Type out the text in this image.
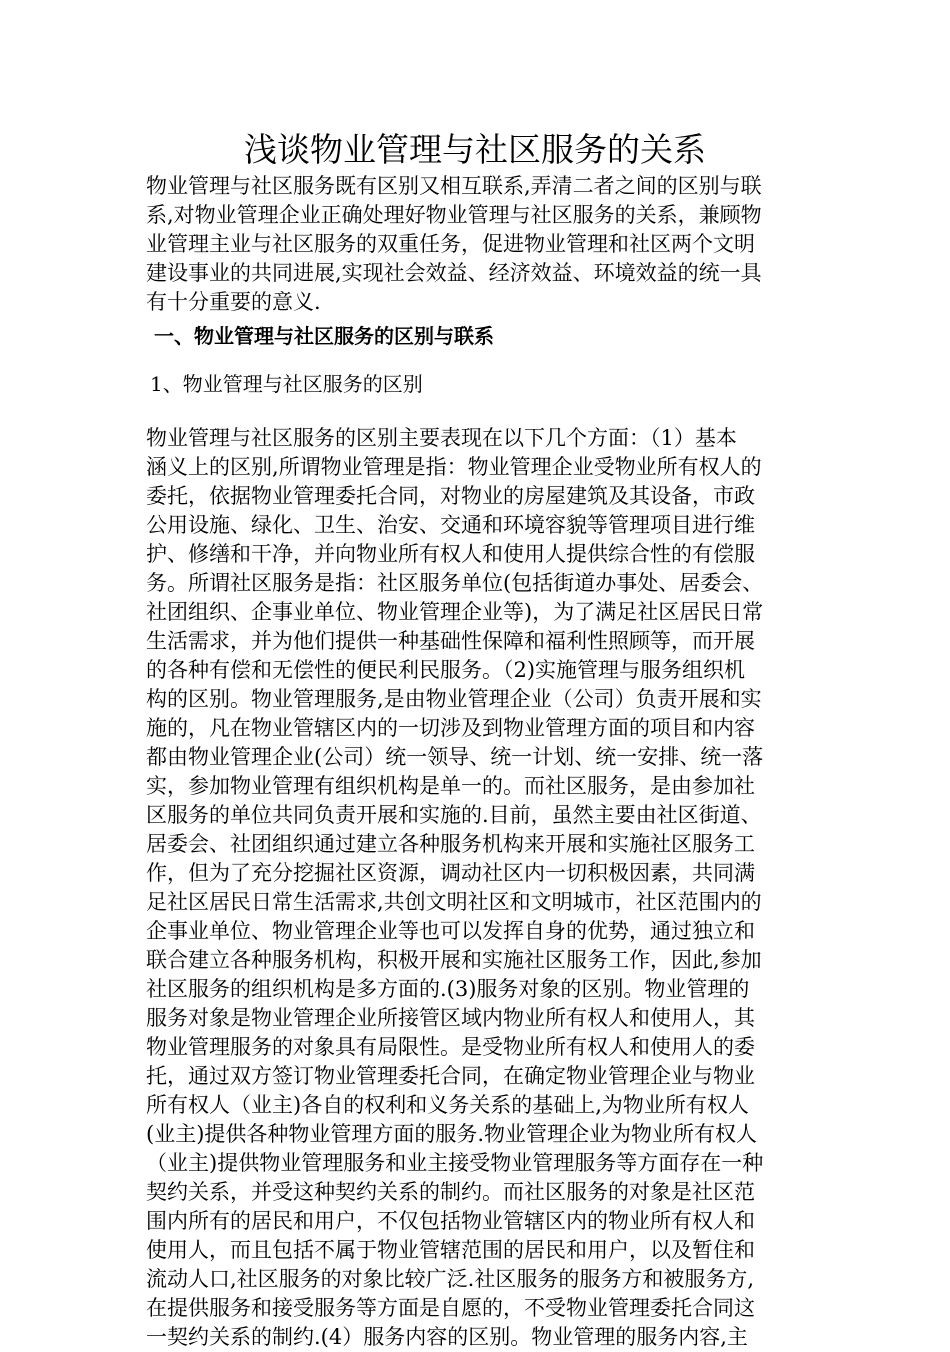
浅谈物业管理与社区服务的关系
物业管理与社区服务既有区别又相互联系,弄清二者之间的区别与联
系,对物业管理企业正确处理好物业管理与社区服务的关系，兼顾物
业管理主业与社区服务的双重任务，促进物业管理和社区两个文明
建设事业的共同进展,实现社会效益、经济效益、环境效益的统一具
有十分重要的意义.
一、物业管理与社区服务的区别与联系
1、物业管理与社区服务的区别
物业管理与社区服务的区别主要表现在以下几个方面：（1）基本
涵义上的区别,所谓物业管理是指：物业管理企业受物业所有权人的
委托，依据物业管理委托合同，对物业的房屋建筑及其设备，市政
公用设施、绿化、卫生、治安、交通和环境容貌等管理项目进行维
护、修缮和干净，并向物业所有权人和使用人提供综合性的有偿服
务。所谓社区服务是指：社区服务单位(包括街道办事处、居委会、
社团组织、企事业单位、物业管理企业等)，为了满足社区居民日常
生活需求，并为他们提供一种基础性保障和福利性照顾等，而开展
的各种有偿和无偿性的便民利民服务。（2)实施管理与服务组织机
构的区别。物业管理服务,是由物业管理企业（公司）负责开展和实
施的，凡在物业管辖区内的一切涉及到物业管理方面的项目和内容
都由物业管理企业(公司）统一领导、统一计划、统一安排、统一落
实，参加物业管理有组织机构是单一的。而社区服务，是由参加社
区服务的单位共同负责开展和实施的.目前，虽然主要由社区街道、
居委会、社团组织通过建立各种服务机构来开展和实施社区服务工
作，但为了充分挖掘社区资源，调动社区内一切积极因素，共同满
足社区居民日常生活需求,共创文明社区和文明城市，社区范围内的
企事业单位、物业管理企业等也可以发挥自身的优势，通过独立和
联合建立各种服务机构，积极开展和实施社区服务工作，因此,参加
社区服务的组织机构是多方面的.(3)服务对象的区别。物业管理的
服务对象是物业管理企业所接管区域内物业所有权人和使用人，其
物业管理服务的对象具有局限性。是受物业所有权人和使用人的委
托，通过双方签订物业管理委托合同，在确定物业管理企业与物业
所有权人（业主)各自的权利和义务关系的基础上,为物业所有权人
(业主)提供各种物业管理方面的服务.物业管理企业为物业所有权人
（业主)提供物业管理服务和业主接受物业管理服务等方面存在一种
契约关系，并受这种契约关系的制约。而社区服务的对象是社区范
围内所有的居民和用户，不仅包括物业管辖区内的物业所有权人和
使用人，而且包括不属于物业管辖范围的居民和用户，以及暂住和
流动人口,社区服务的对象比较广泛.社区服务的服务方和被服务方,
在提供服务和接受服务等方面是自愿的，不受物业管理委托合同这
一契约关系的制约.(4）服务内容的区别。物业管理的服务内容,主
